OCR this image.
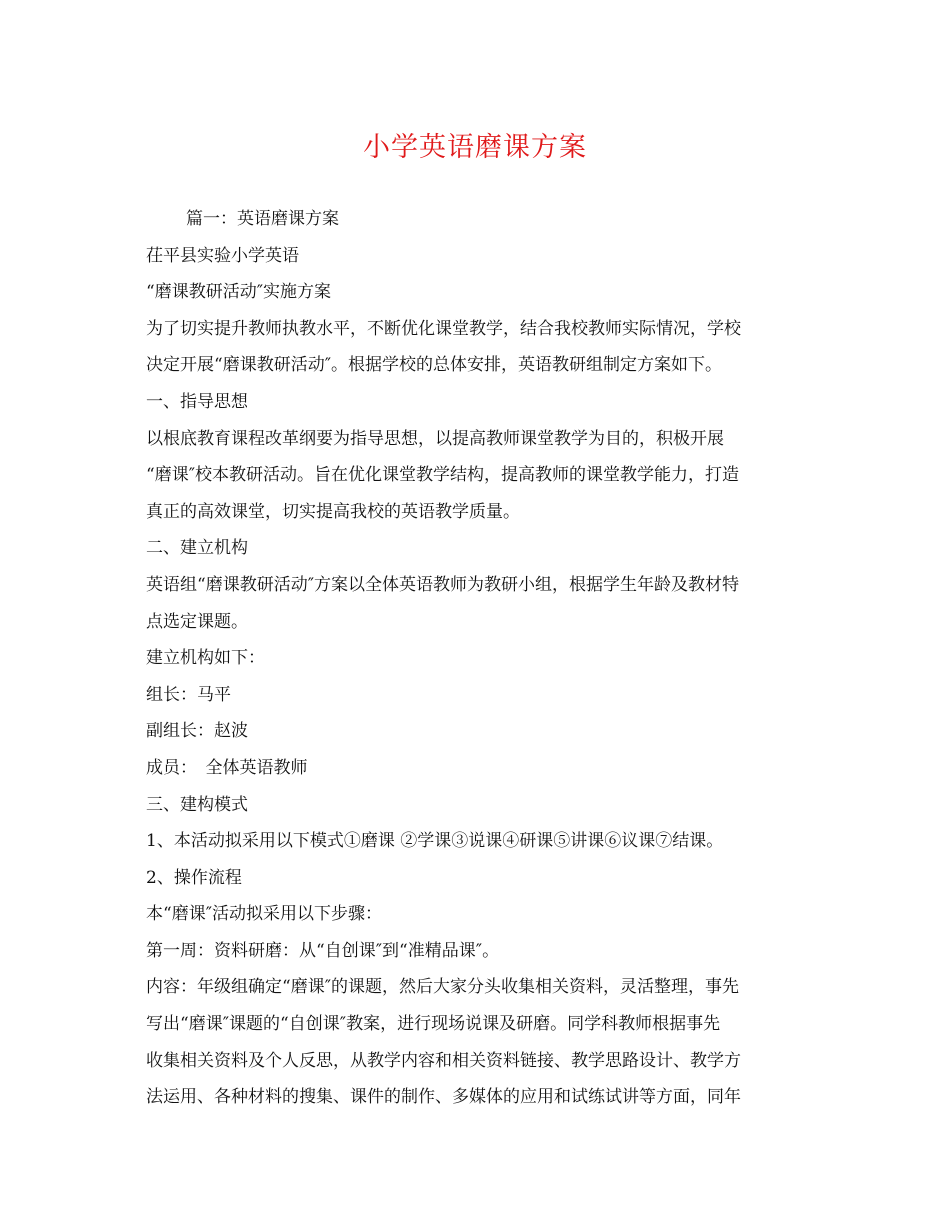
小学英语磨课方案

篇一：英语磨课方案

茌平县实验小学英语

“磨课教研活动″实施方案

为了切实提升教师执教水平，不断优化课堂教学，结合我校教师实际情况，学校

决定开展“磨课教研活动″。根据学校的总体安排，英语教研组制定方案如下。

一、指导思想

以根底教育课程改革纲要为指导思想，以提高教师课堂教学为目的，积极开展

“磨课″校本教研活动。旨在优化课堂教学结构，提高教师的课堂教学能力，打造

真正的高效课堂，切实提高我校的英语教学质量。

二、建立机构

英语组“磨课教研活动″方案以全体英语教师为教研小组，根据学生年龄及教材特

点选定课题。

建立机构如下：

组长：马平

副组长：赵波

成员：　全体英语教师

三、建构模式

1、本活动拟采用以下模式①磨课 ②学课③说课④研课⑤讲课⑥议课⑦结课。

2、操作流程

本“磨课″活动拟采用以下步骤：

第一周：资料研磨：从“自创课″到“准精品课″。

内容：年级组确定“磨课″的课题，然后大家分头收集相关资料，灵活整理，事先

写出“磨课″课题的“自创课″教案，进行现场说课及研磨。同学科教师根据事先

收集相关资料及个人反思，从教学内容和相关资料链接、教学思路设计、教学方

法运用、各种材料的搜集、课件的制作、多媒体的应用和试练试讲等方面，同年
